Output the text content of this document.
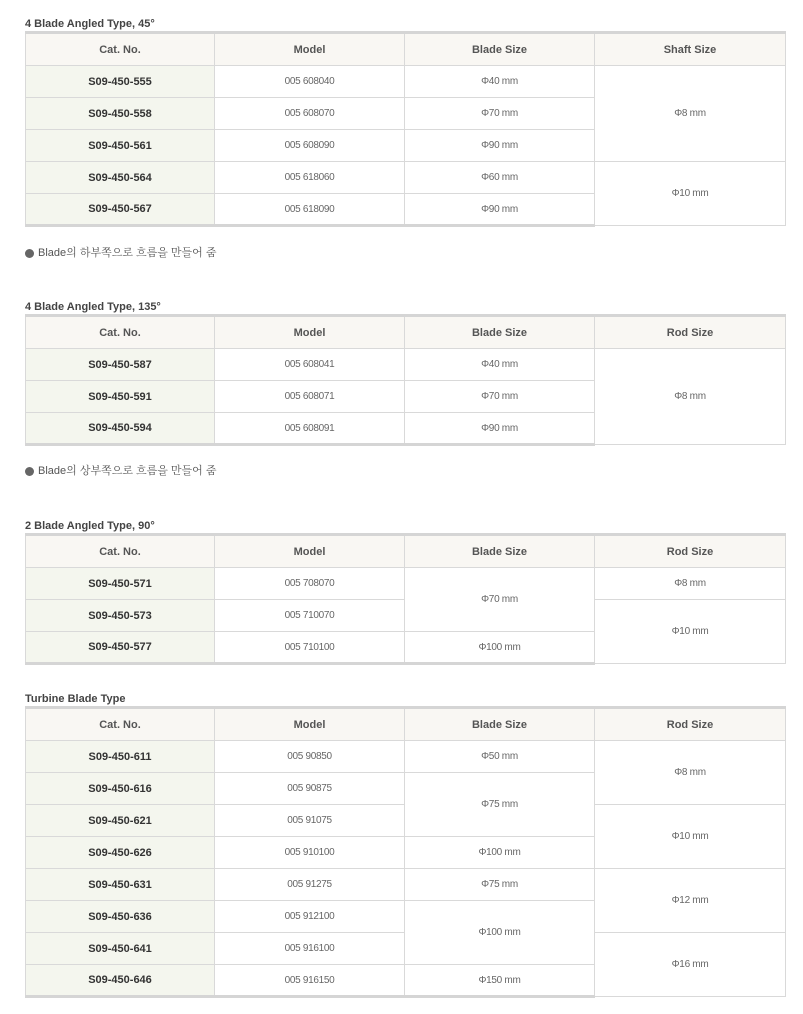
4 Blade Angled Type, 45°
Cat. No.	Model	Blade Size	Shaft Size
S09-450-555	005 608040	Φ40 mm	Φ8 mm
S09-450-558	005 608070	Φ70 mm	
S09-450-561	005 608090	Φ90 mm	
S09-450-564	005 618060	Φ60 mm	Φ10 mm
S09-450-567	005 618090	Φ90 mm	
Blade의 하부쪽으로 흐름을 만들어 줌
4 Blade Angled Type, 135°
Cat. No.	Model	Blade Size	Rod Size
S09-450-587	005 608041	Φ40 mm	Φ8 mm
S09-450-591	005 608071	Φ70 mm	
S09-450-594	005 608091	Φ90 mm	
Blade의 상부쪽으로 흐름을 만들어 줌
2 Blade Angled Type, 90°
Cat. No.	Model	Blade Size	Rod Size
S09-450-571	005 708070	Φ70 mm	Φ8 mm
S09-450-573	005 710070		Φ10 mm
S09-450-577	005 710100	Φ100 mm	
Turbine Blade Type
Cat. No.	Model	Blade Size	Rod Size
S09-450-611	005 90850	Φ50 mm	Φ8 mm
S09-450-616	005 90875	Φ75 mm	
S09-450-621	005 91075		Φ10 mm
S09-450-626	005 910100	Φ100 mm	
S09-450-631	005 91275	Φ75 mm	Φ12 mm
S09-450-636	005 912100	Φ100 mm	
S09-450-641	005 916100		Φ16 mm
S09-450-646	005 916150	Φ150 mm	
